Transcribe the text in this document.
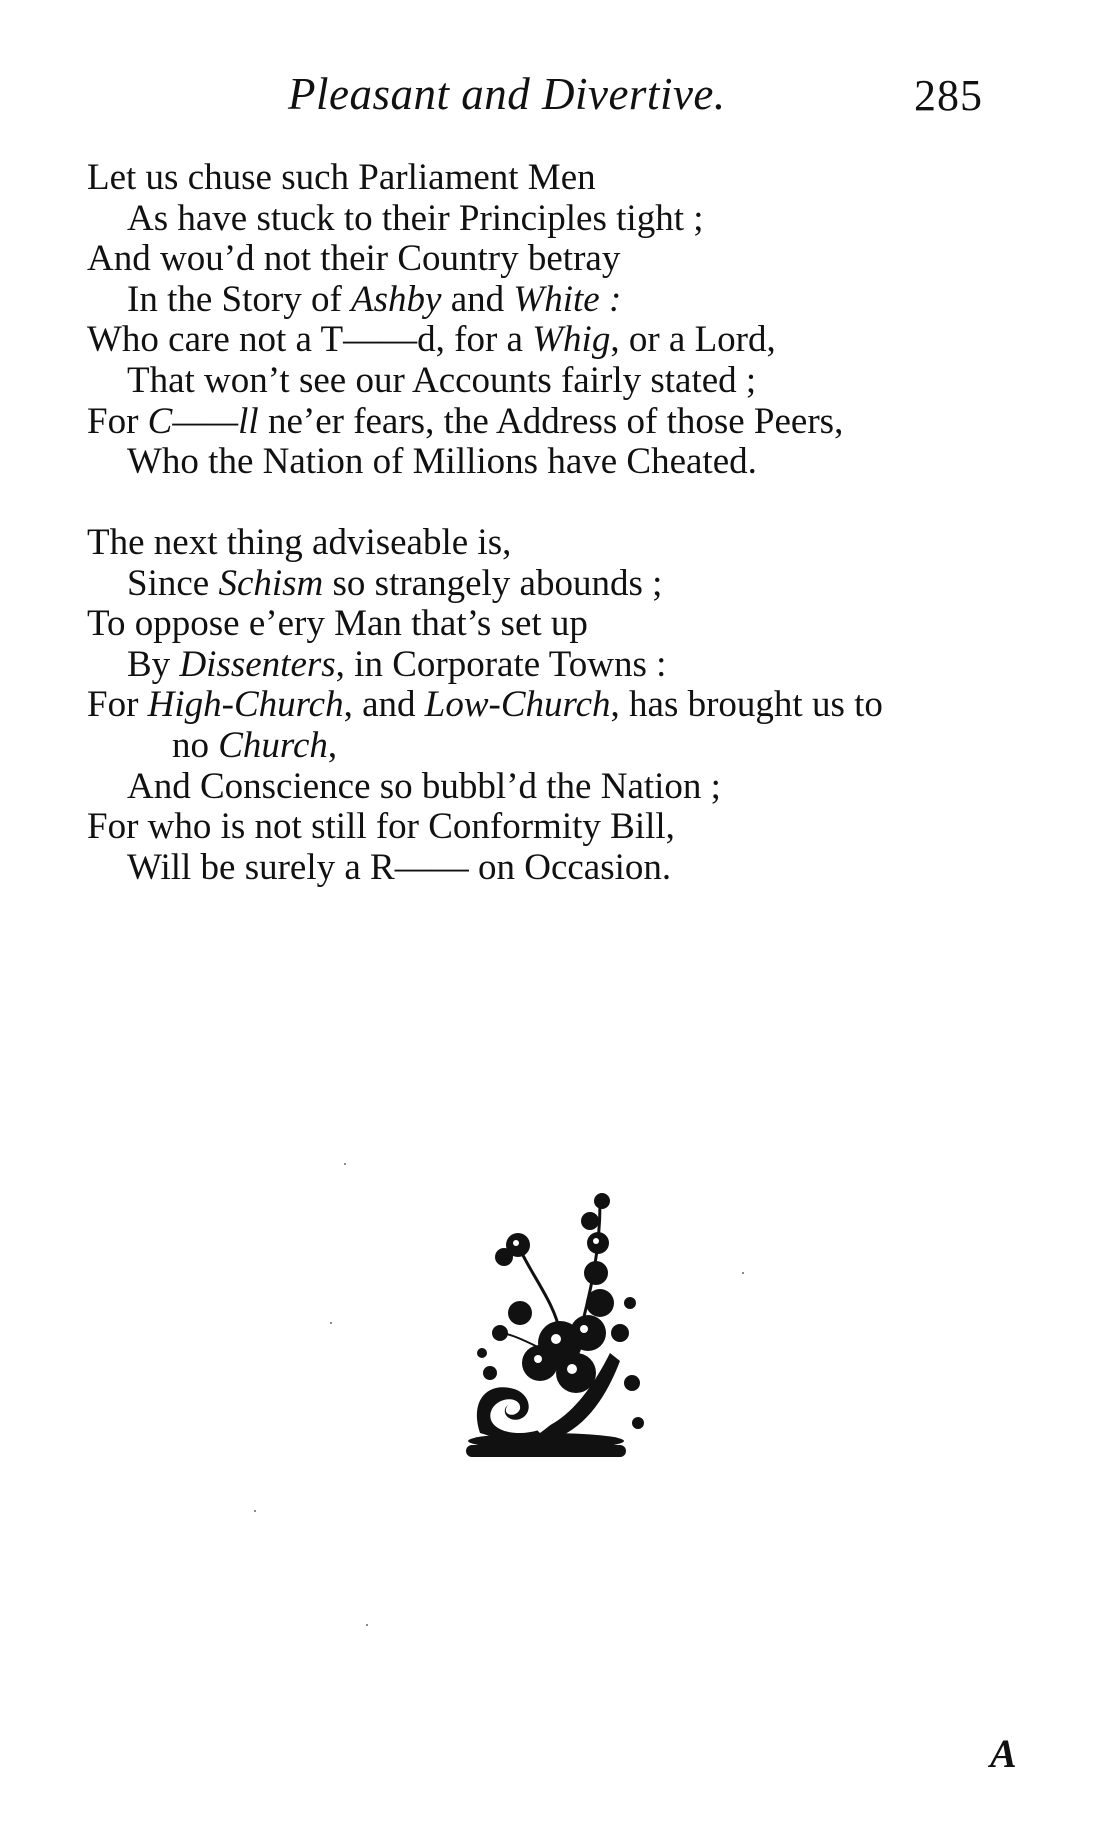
Pleasant and Divertive.	285
Let us chuse such Parliament Men
As have stuck to their Principles tight ;
And wou’d not their Country betray
In the Story of Ashby and White :
Who care not a T——d, for a Whig, or a Lord,
That won’t see our Accounts fairly stated ;
For C——ll ne’er fears, the Address of those Peers,
Who the Nation of Millions have Cheated.
The next thing adviseable is,
Since Schism so strangely abounds ;
To oppose e’ery Man that’s set up
By Dissenters, in Corporate Towns :
For High-Church, and Low-Church, has brought us to
no Church,
And Conscience so bubbl’d the Nation ;
For who is not still for Conformity Bill,
Will be surely a R—— on Occasion.
A
